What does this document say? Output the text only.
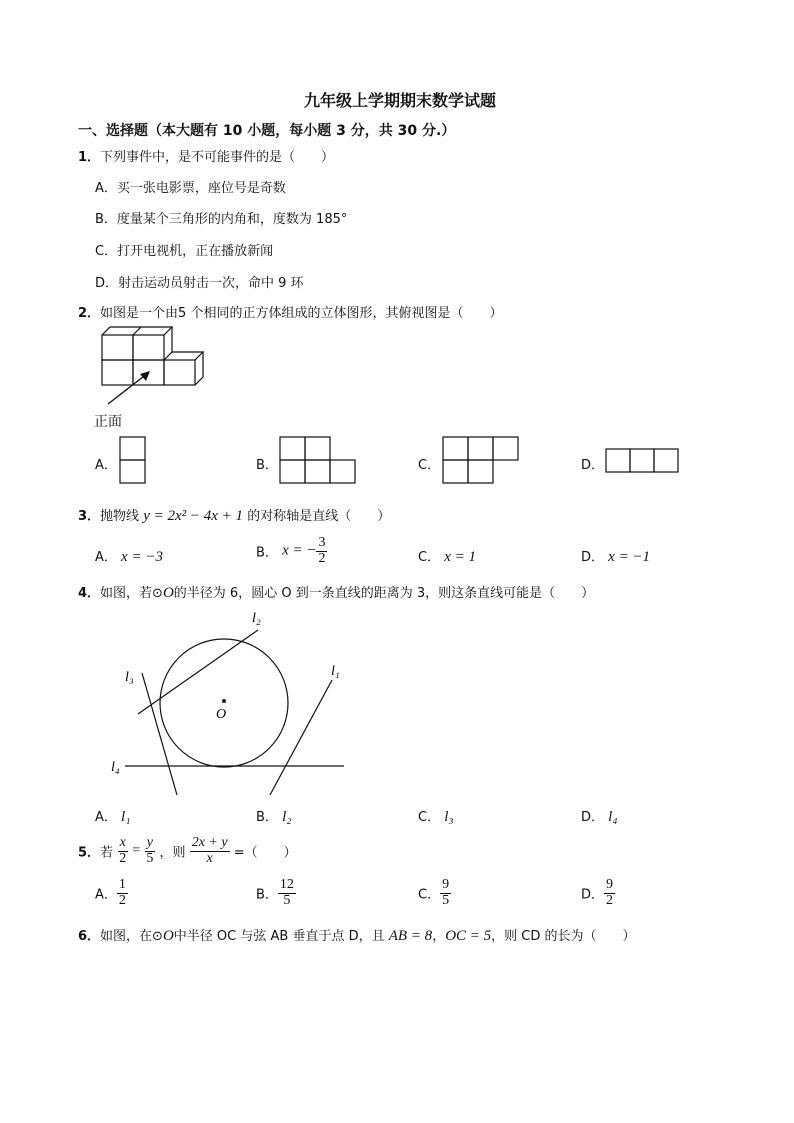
九年级上学期期末数学试题
一、选择题（本大题有 10 小题，每小题 3 分，共 30 分.）
1．下列事件中，是不可能事件的是（　　）
A．买一张电影票，座位号是奇数
B．度量某个三角形的内角和，度数为 185°
C．打开电视机，正在播放新闻
D．射击运动员射击一次，命中 9 环
2．如图是一个由5 个相同的正方体组成的立体图形，其俯视图是（　　）
正面
A．	B．	C．	D．
3．抛物线 y = 2x² − 4x + 1 的对称轴是直线（　　）
A． x = −3	B． x = − $\frac{3}{2}$	C． x = 1	D． x = −1
4．如图，若⊙O的半径为 6，圆心 O 到一条直线的距离为 3，则这条直线可能是（　　）
O
l₁
l₂
l₃
l₄
A． l₁	B． l₂	C． l₃	D． l₄
5．若 $\frac{x}{2} = \frac{y}{5}$ ，则 $\frac{2x + y}{x}$ =（　　）
A． $\frac{1}{2}$	B． $\frac{12}{5}$	C． $\frac{9}{5}$	D． $\frac{9}{2}$
6．如图，在⊙O中半径 OC 与弦 AB 垂直于点 D，且 AB = 8，OC = 5，则 CD 的长为（　　）
